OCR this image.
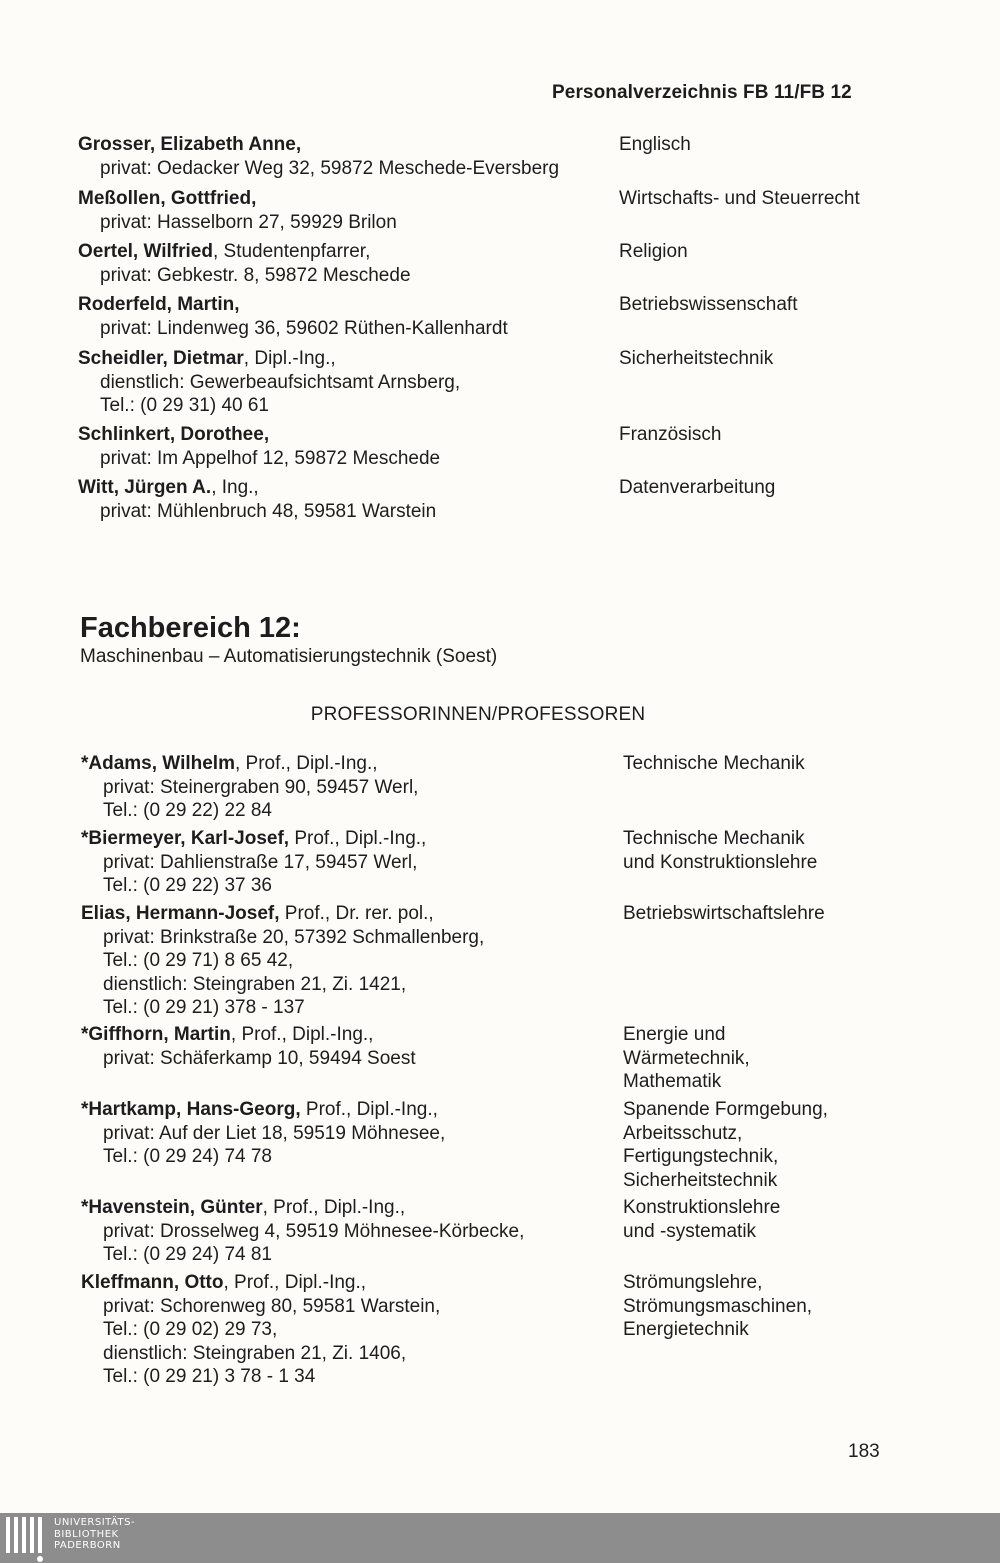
Personalverzeichnis FB 11/FB 12
Grosser, Elizabeth Anne,
privat: Oedacker Weg 32, 59872 Meschede-Eversberg
Englisch
Meßollen, Gottfried,
privat: Hasselborn 27, 59929 Brilon
Wirtschafts- und Steuerrecht
Oertel, Wilfried, Studentenpfarrer,
privat: Gebkestr. 8, 59872 Meschede
Religion
Roderfeld, Martin,
privat: Lindenweg 36, 59602 Rüthen-Kallenhardt
Betriebswissenschaft
Scheidler, Dietmar, Dipl.-Ing.,
dienstlich: Gewerbeaufsichtsamt Arnsberg,
Tel.: (0 29 31) 40 61
Sicherheitstechnik
Schlinkert, Dorothee,
privat: Im Appelhof 12, 59872 Meschede
Französisch
Witt, Jürgen A., Ing.,
privat: Mühlenbruch 48, 59581 Warstein
Datenverarbeitung
Fachbereich 12:
Maschinenbau – Automatisierungstechnik (Soest)
PROFESSORINNEN/PROFESSOREN
*Adams, Wilhelm, Prof., Dipl.-Ing.,
privat: Steinergraben 90, 59457 Werl,
Tel.: (0 29 22) 22 84
Technische Mechanik
*Biermeyer, Karl-Josef, Prof., Dipl.-Ing.,
privat: Dahlienstraße 17, 59457 Werl,
Tel.: (0 29 22) 37 36
Technische Mechanik
und Konstruktionslehre
Elias, Hermann-Josef, Prof., Dr. rer. pol.,
privat: Brinkstraße 20, 57392 Schmallenberg,
Tel.: (0 29 71) 8 65 42,
dienstlich: Steingraben 21, Zi. 1421,
Tel.: (0 29 21) 378 - 137
Betriebswirtschaftslehre
*Giffhorn, Martin, Prof., Dipl.-Ing.,
privat: Schäferkamp 10, 59494 Soest
Energie und
Wärmetechnik,
Mathematik
*Hartkamp, Hans-Georg, Prof., Dipl.-Ing.,
privat: Auf der Liet 18, 59519 Möhnesee,
Tel.: (0 29 24) 74 78
Spanende Formgebung,
Arbeitsschutz,
Fertigungstechnik,
Sicherheitstechnik
*Havenstein, Günter, Prof., Dipl.-Ing.,
privat: Drosselweg 4, 59519 Möhnesee-Körbecke,
Tel.: (0 29 24) 74 81
Konstruktionslehre
und -systematik
Kleffmann, Otto, Prof., Dipl.-Ing.,
privat: Schorenweg 80, 59581 Warstein,
Tel.: (0 29 02) 29 73,
dienstlich: Steingraben 21, Zi. 1406,
Tel.: (0 29 21) 3 78 - 1 34
Strömungslehre,
Strömungsmaschinen,
Energietechnik
183
UNIVERSITÄTS-
BIBLIOTHEK
PADERBORN
